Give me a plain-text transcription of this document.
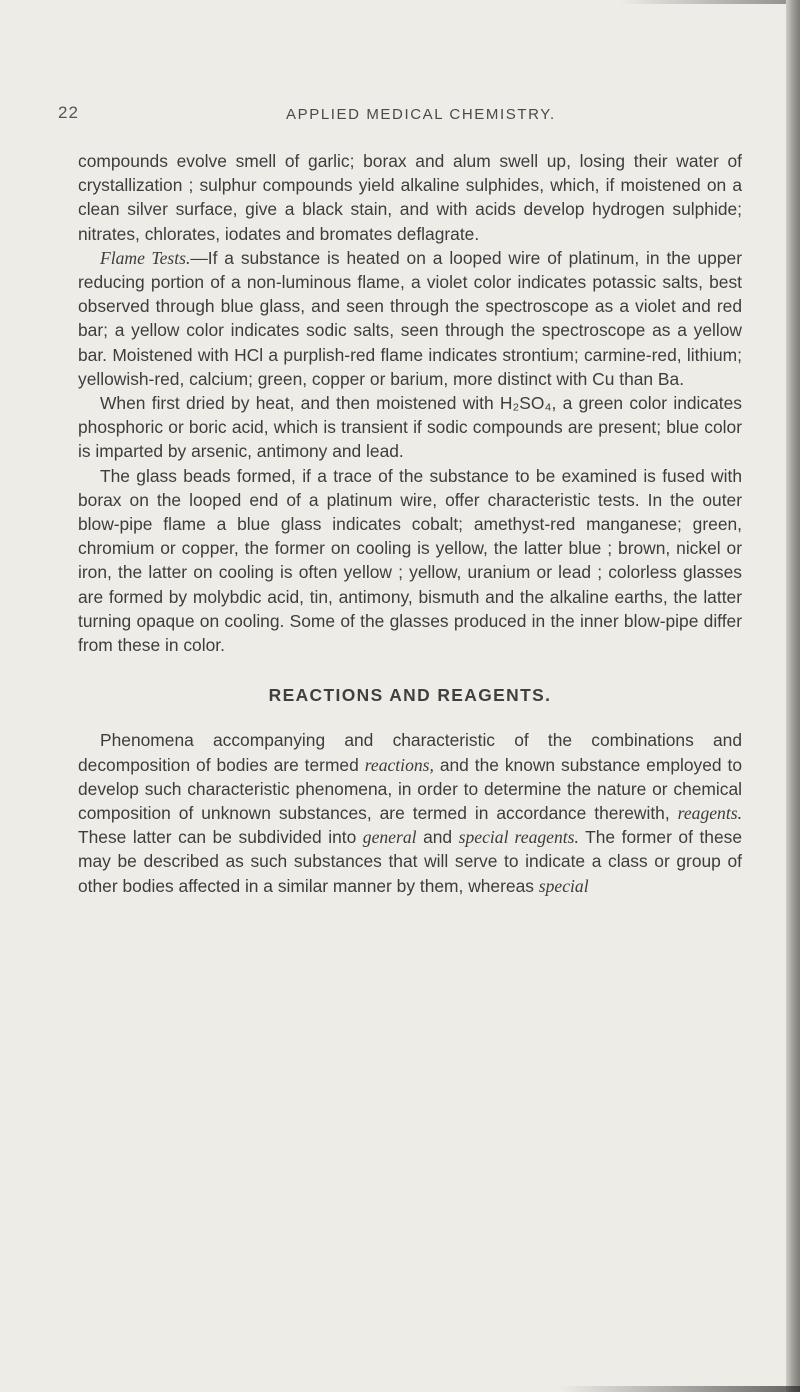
22	APPLIED MEDICAL CHEMISTRY.

compounds evolve smell of garlic; borax and alum swell up, losing their water of crystallization ; sulphur compounds yield alkaline sulphides, which, if moistened on a clean silver surface, give a black stain, and with acids develop hydrogen sulphide; nitrates, chlorates, iodates and bromates deflagrate.

Flame Tests.—If a substance is heated on a looped wire of platinum, in the upper reducing portion of a non-luminous flame, a violet color indicates potassic salts, best observed through blue glass, and seen through the spectroscope as a violet and red bar; a yellow color indicates sodic salts, seen through the spectroscope as a yellow bar. Moistened with HCl a purplish-red flame indicates strontium; carmine-red, lithium; yellowish-red, calcium; green, copper or barium, more distinct with Cu than Ba.

When first dried by heat, and then moistened with H₂SO₄, a green color indicates phosphoric or boric acid, which is transient if sodic compounds are present; blue color is imparted by arsenic, antimony and lead.

The glass beads formed, if a trace of the substance to be examined is fused with borax on the looped end of a platinum wire, offer characteristic tests. In the outer blow-pipe flame a blue glass indicates cobalt; amethyst-red manganese; green, chromium or copper, the former on cooling is yellow, the latter blue ; brown, nickel or iron, the latter on cooling is often yellow ; yellow, uranium or lead ; colorless glasses are formed by molybdic acid, tin, antimony, bismuth and the alkaline earths, the latter turning opaque on cooling. Some of the glasses produced in the inner blow-pipe differ from these in color.

REACTIONS AND REAGENTS.

Phenomena accompanying and characteristic of the combinations and decomposition of bodies are termed reactions, and the known substance employed to develop such characteristic phenomena, in order to determine the nature or chemical composition of unknown substances, are termed in accordance therewith, reagents. These latter can be subdivided into general and special reagents. The former of these may be described as such substances that will serve to indicate a class or group of other bodies affected in a similar manner by them, whereas special
